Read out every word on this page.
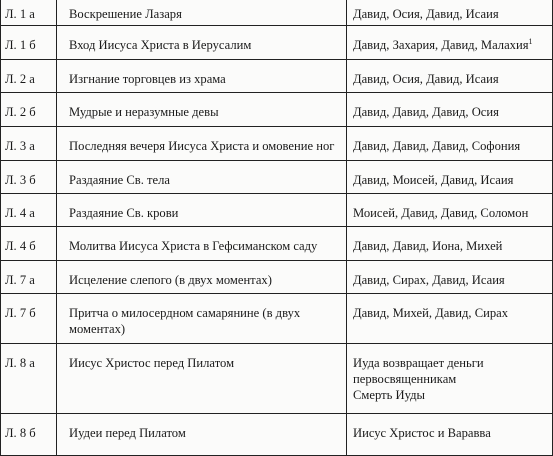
Л. 1 а	Воскрешение Лазаря	Давид, Осия, Давид, Исаия

Л. 1 б	Вход Иисуса Христа в Иерусалим	Давид, Захария, Давид, Малахия$^1$

Л. 2 а	Изгнание торговцев из храма	Давид, Осия, Давид, Исаия

Л. 2 б	Мудрые и неразумные девы	Давид, Давид, Давид, Осия

Л. 3 а	Последняя вечеря Иисуса Христа и омовение ног	Давид, Давид, Давид, Софония

Л. 3 б	Раздаяние Св. тела	Давид, Моисей, Давид, Исаия

Л. 4 а	Раздаяние Св. крови	Моисей, Давид, Давид, Соломон

Л. 4 б	Молитва Иисуса Христа в Гефсиманском саду	Давид, Давид, Иона, Михей

Л. 7 а	Исцеление слепого (в двух моментах)	Давид, Сирах, Давид, Исаия

Л. 7 б	Притча о милосердном самарянине (в двух моментах)	Давид, Михей, Давид, Сирах

Л. 8 а	Иисус Христос перед Пилатом	Иуда возвращает деньги первосвященникам
Смерть Иуды

Л. 8 б	Иудеи перед Пилатом	Иисус Христос и Варавва
